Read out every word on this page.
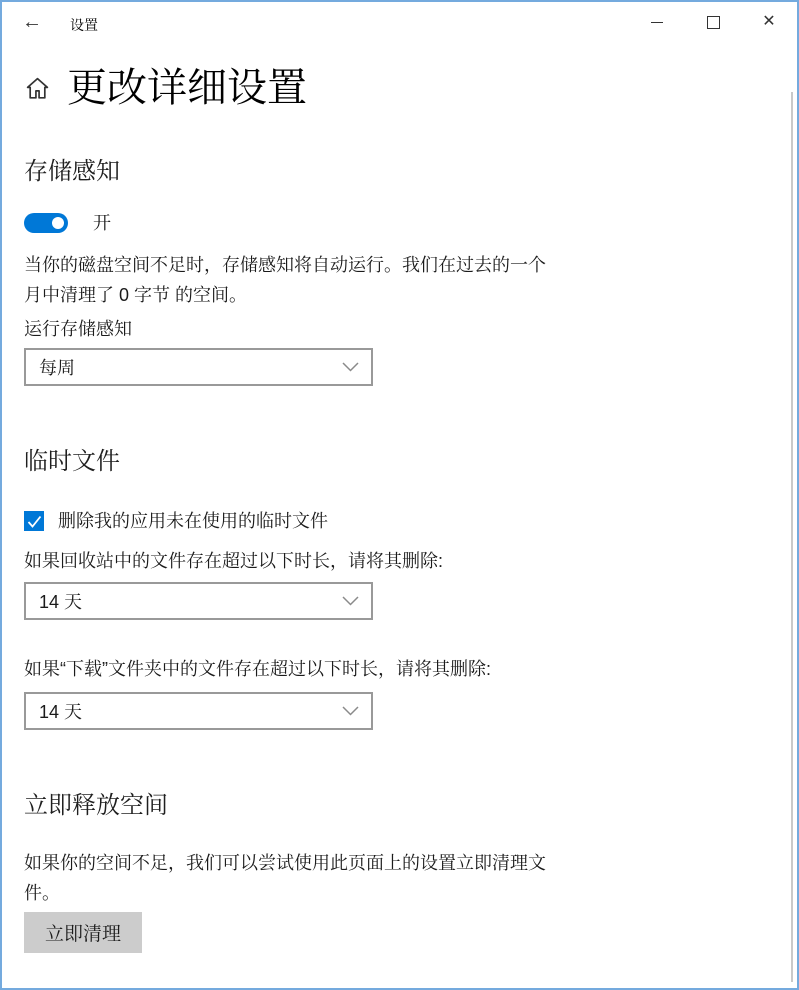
← 设置	✕
更改详细设置
存储感知
开

当你的磁盘空间不足时，存储感知将自动运行。我们在过去的一个月中清理了 0 字节 的空间。

运行存储感知

每周
临时文件
删除我的应用未在使用的临时文件

如果回收站中的文件存在超过以下时长，请将其删除:

14 天

如果“下载”文件夹中的文件存在超过以下时长，请将其删除:

14 天
立即释放空间

如果你的空间不足，我们可以尝试使用此页面上的设置立即清理文件。

立即清理
